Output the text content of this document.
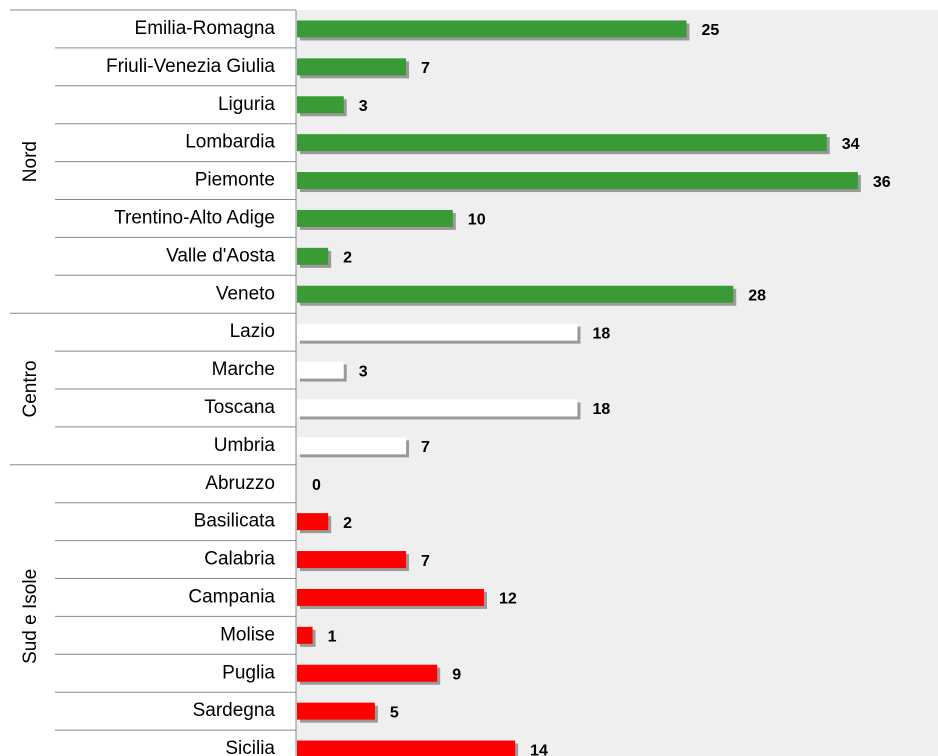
Nord
Centro
Sud e Isole
Emilia-Romagna
Friuli-Venezia Giulia
Liguria
Lombardia
Piemonte
Trentino-Alto Adige
Valle d'Aosta
Veneto
Lazio
Marche
Toscana
Umbria
Abruzzo
Basilicata
Calabria
Campania
Molise
Puglia
Sardegna
Sicilia
25
7
3
34
36
10
2
28
18
3
18
7
0
2
7
12
1
9
5
14
